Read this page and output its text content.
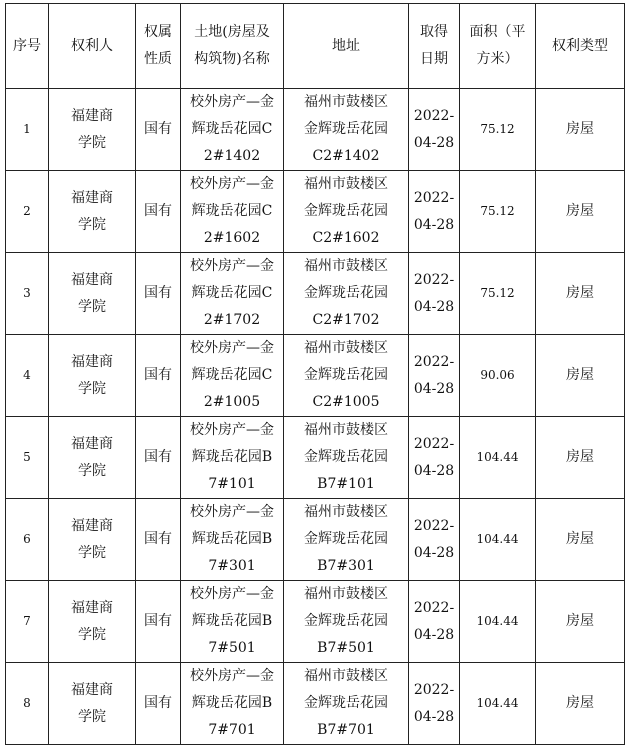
序号	权利人	权属性质	土地(房屋及构筑物)名称	地址	取得日期	面积（平方米）	权利类型
1	福建商学院	国有	校外房产—金辉珑岳花园C2#1402	福州市鼓楼区金辉珑岳花园C2#1402	2022-04-28	75.12	房屋
2	福建商学院	国有	校外房产—金辉珑岳花园C2#1602	福州市鼓楼区金辉珑岳花园C2#1602	2022-04-28	75.12	房屋
3	福建商学院	国有	校外房产—金辉珑岳花园C2#1702	福州市鼓楼区金辉珑岳花园C2#1702	2022-04-28	75.12	房屋
4	福建商学院	国有	校外房产—金辉珑岳花园C2#1005	福州市鼓楼区金辉珑岳花园C2#1005	2022-04-28	90.06	房屋
5	福建商学院	国有	校外房产—金辉珑岳花园B7#101	福州市鼓楼区金辉珑岳花园B7#101	2022-04-28	104.44	房屋
6	福建商学院	国有	校外房产—金辉珑岳花园B7#301	福州市鼓楼区金辉珑岳花园B7#301	2022-04-28	104.44	房屋
7	福建商学院	国有	校外房产—金辉珑岳花园B7#501	福州市鼓楼区金辉珑岳花园B7#501	2022-04-28	104.44	房屋
8	福建商学院	国有	校外房产—金辉珑岳花园B7#701	福州市鼓楼区金辉珑岳花园B7#701	2022-04-28	104.44	房屋
